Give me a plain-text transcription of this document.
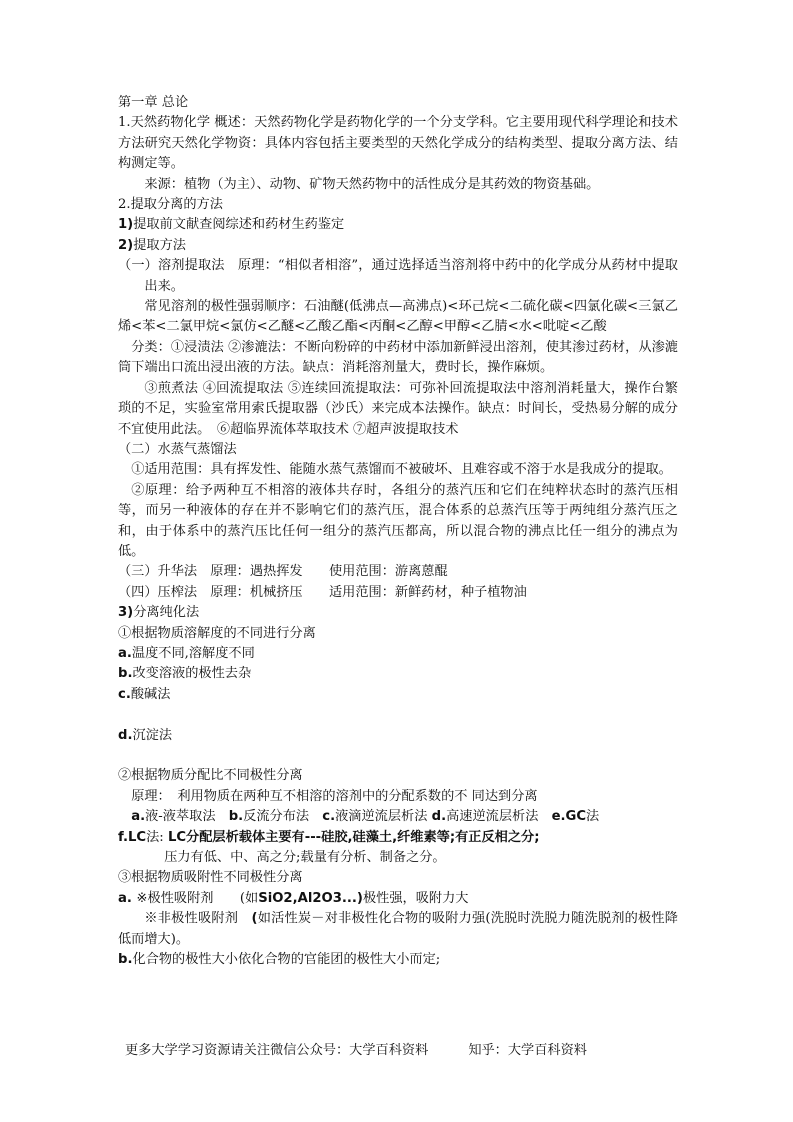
第一章 总论

1.天然药物化学 概述：天然药物化学是药物化学的一个分支学科。它主要用现代科学理论和技术方法研究天然化学物资：具体内容包括主要类型的天然化学成分的结构类型、提取分离方法、结构测定等。

来源：植物（为主）、动物、矿物天然药物中的活性成分是其药效的物资基础。

2.提取分离的方法

1)提取前文献查阅综述和药材生药鉴定

2)提取方法

（一）溶剂提取法　原理：“相似者相溶”，通过选择适当溶剂将中药中的化学成分从药材中提取出来。

常见溶剂的极性强弱顺序：石油醚(低沸点—高沸点)<环己烷<二硫化碳<四氯化碳<三氯乙烯<苯<二氯甲烷<氯仿<乙醚<乙酸乙酯<丙酮<乙醇<甲醇<乙腈<水<吡啶<乙酸

分类：①浸渍法 ②渗漉法：不断向粉碎的中药材中添加新鲜浸出溶剂，使其渗过药材，从渗漉筒下端出口流出浸出液的方法。缺点：消耗溶剂量大，费时长，操作麻烦。

③煎煮法 ④回流提取法 ⑤连续回流提取法：可弥补回流提取法中溶剂消耗量大，操作台繁琐的不足，实验室常用索氏提取器（沙氏）来完成本法操作。缺点：时间长，受热易分解的成分不宜使用此法。　⑥超临界流体萃取技术 ⑦超声波提取技术

（二）水蒸气蒸馏法

①适用范围：具有挥发性、能随水蒸气蒸馏而不被破坏、且难容或不溶于水是我成分的提取。

②原理：给予两种互不相溶的液体共存时，各组分的蒸汽压和它们在纯粹状态时的蒸汽压相等，而另一种液体的存在并不影响它们的蒸汽压，混合体系的总蒸汽压等于两纯组分蒸汽压之和，由于体系中的蒸汽压比任何一组分的蒸汽压都高，所以混合物的沸点比任一组分的沸点为低。

（三）升华法　原理：遇热挥发　　使用范围：游离蒽醌

（四）压榨法　原理：机械挤压　　适用范围：新鲜药材，种子植物油

3)分离纯化法

①根据物质溶解度的不同进行分离

a.温度不同,溶解度不同

b.改变溶液的极性去杂

c.酸碱法

d.沉淀法

②根据物质分配比不同极性分离

原理：　利用物质在两种互不相溶的溶剂中的分配系数的不 同达到分离

a.液-液萃取法　b.反流分布法　c.液滴逆流层析法 d.高速逆流层析法　e.GC法

f.LC法: LC分配层析载体主要有---硅胶,硅藻土,纤维素等;有正反相之分;

压力有低、中、高之分;载量有分析、制备之分。

③根据物质吸附性不同极性分离

a. ※极性吸附剂　　(如SiO2,Al2O3...)极性强，吸附力大

※非极性吸附剂　(如活性炭－对非极性化合物的吸附力强(洗脱时洗脱力随洗脱剂的极性降低而增大)。

b.化合物的极性大小依化合物的官能团的极性大小而定;

更多大学学习资源请关注微信公众号：大学百科资料	知乎：大学百科资料
